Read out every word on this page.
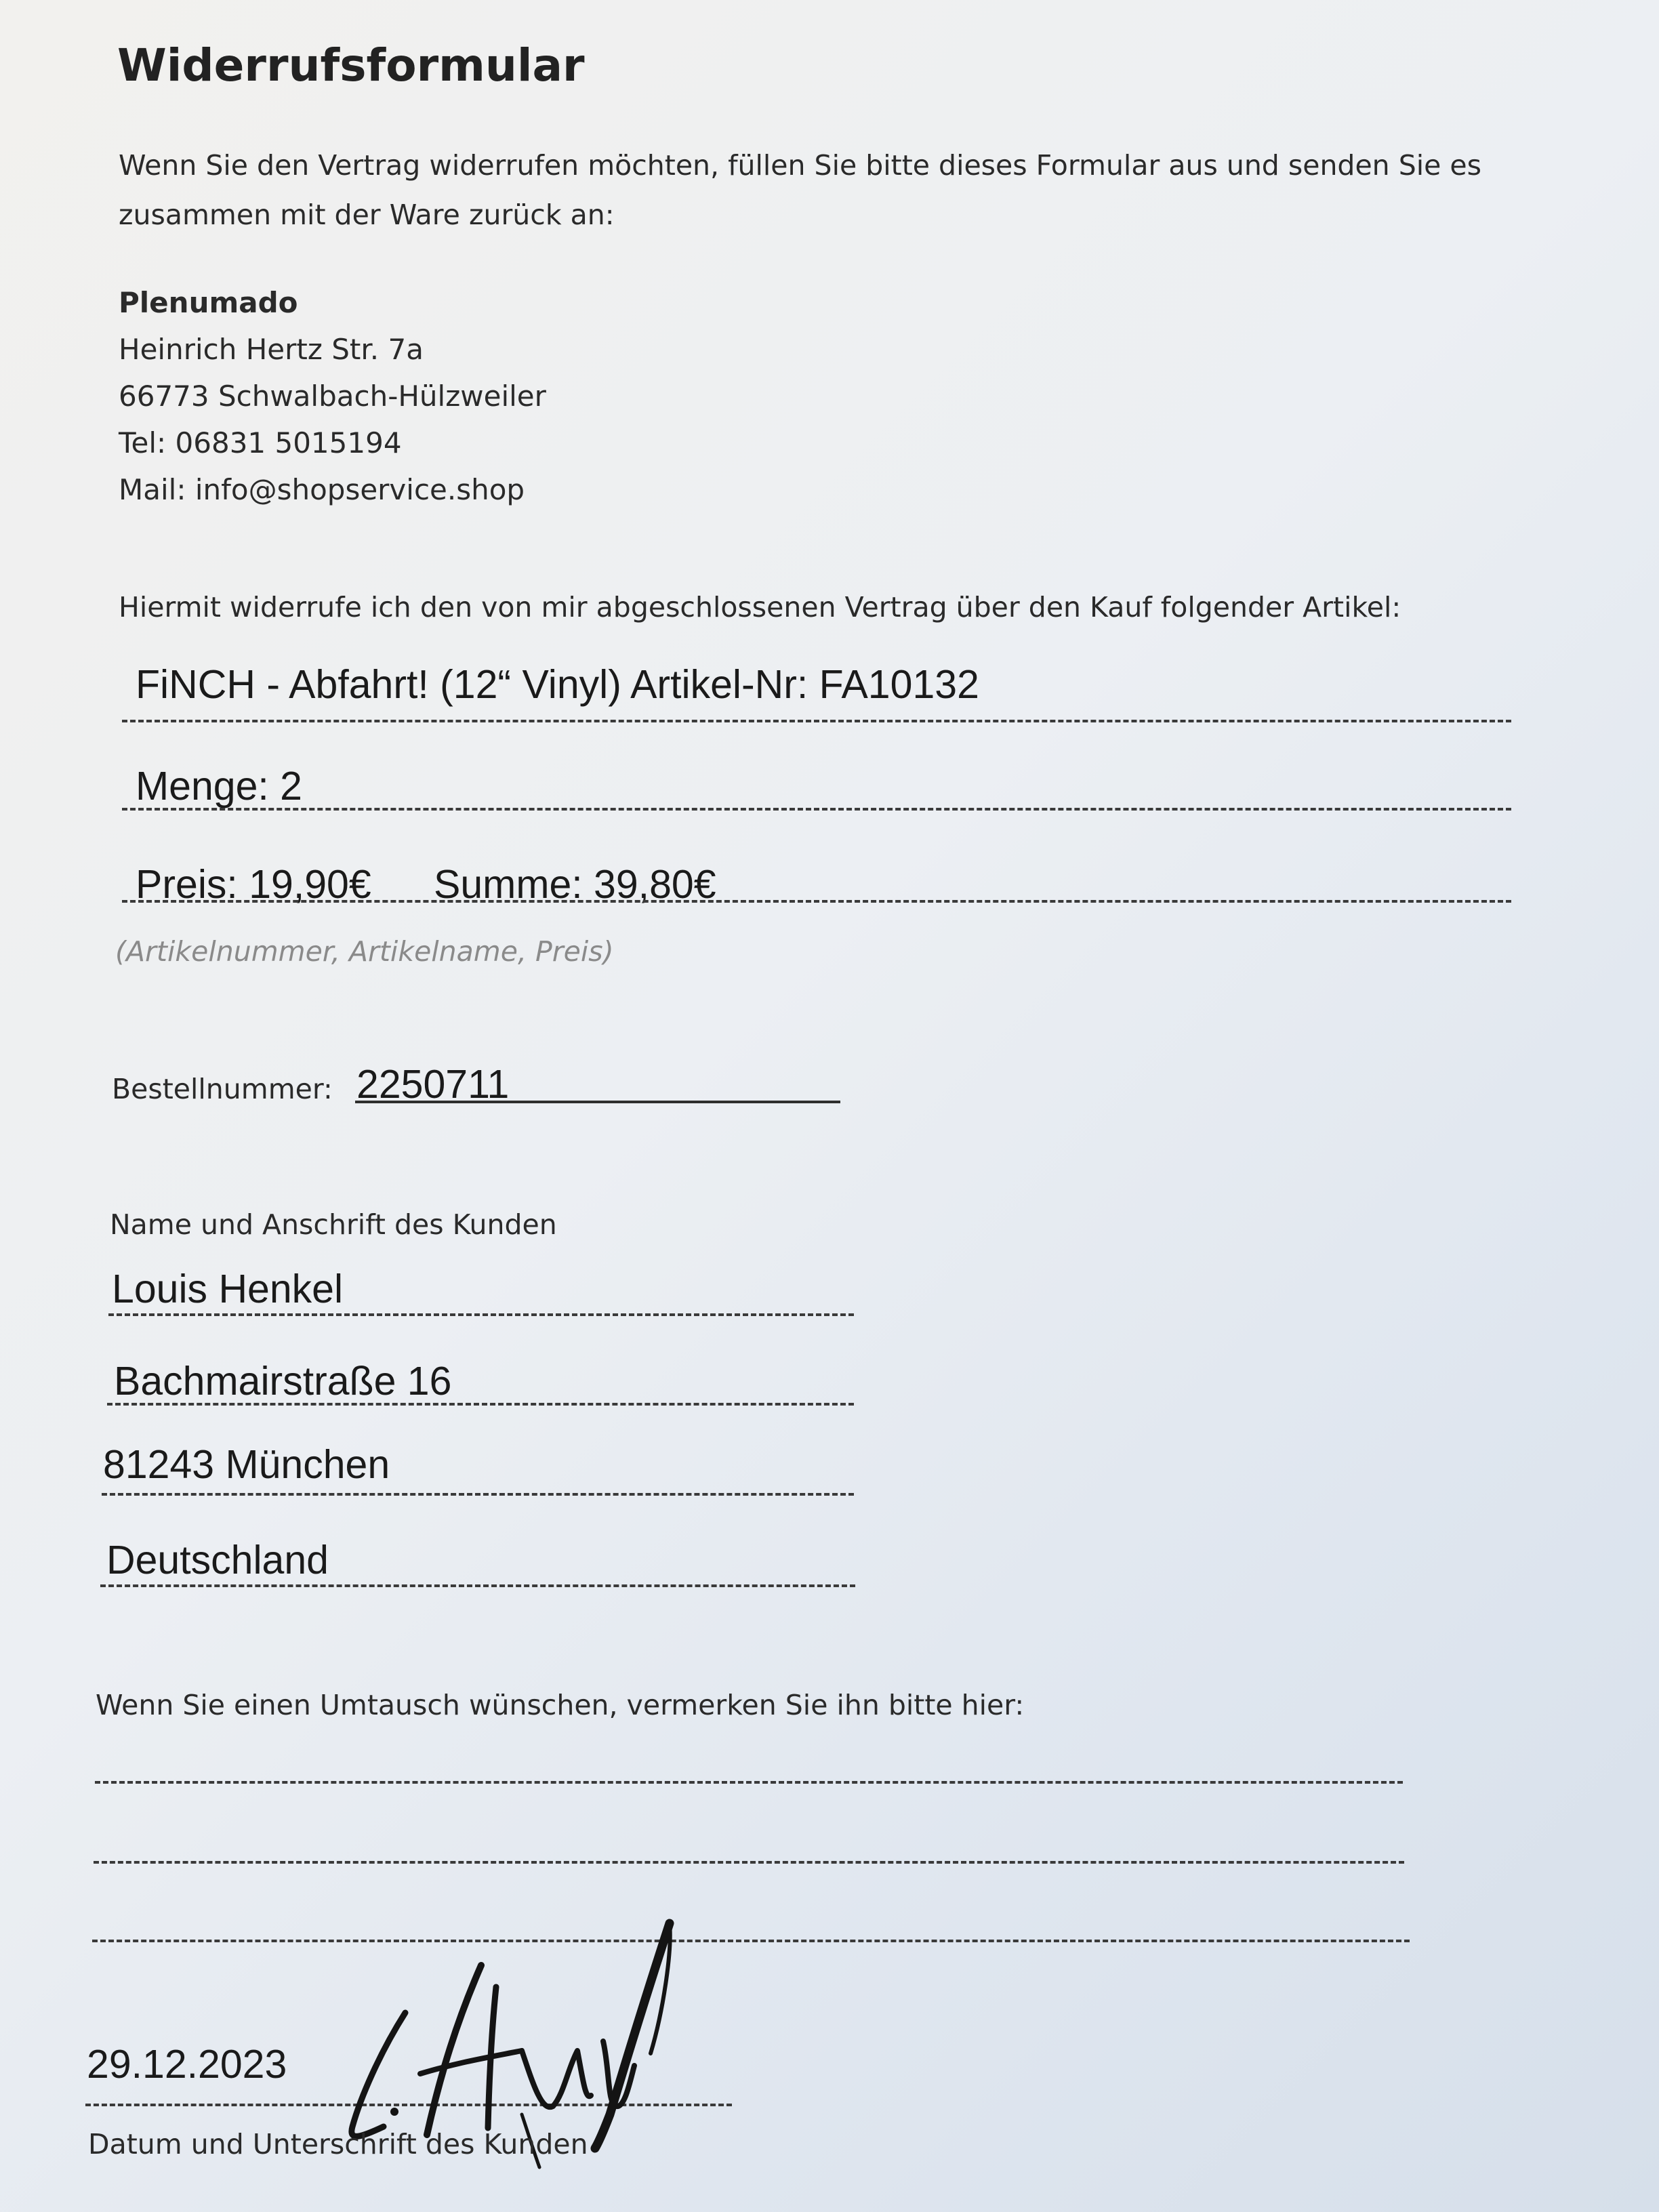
Widerrufsformular
Wenn Sie den Vertrag widerrufen möchten, füllen Sie bitte dieses Formular aus und senden Sie es zusammen mit der Ware zurück an:
Plenumado
Heinrich Hertz Str. 7a
66773 Schwalbach-Hülzweiler
Tel: 06831 5015194
Mail: info@shopservice.shop
Hiermit widerrufe ich den von mir abgeschlossenen Vertrag über den Kauf folgender Artikel:
FiNCH - Abfahrt! (12“ Vinyl) Artikel-Nr: FA10132
Menge: 2
Preis: 19,90€ Summe: 39,80€
(Artikelnummer, Artikelname, Preis)
Bestellnummer: 2250711
Name und Anschrift des Kunden
Louis Henkel
Bachmairstraße 16
81243 München
Deutschland
Wenn Sie einen Umtausch wünschen, vermerken Sie ihn bitte hier:
29.12.2023
Datum und Unterschrift des Kunden
